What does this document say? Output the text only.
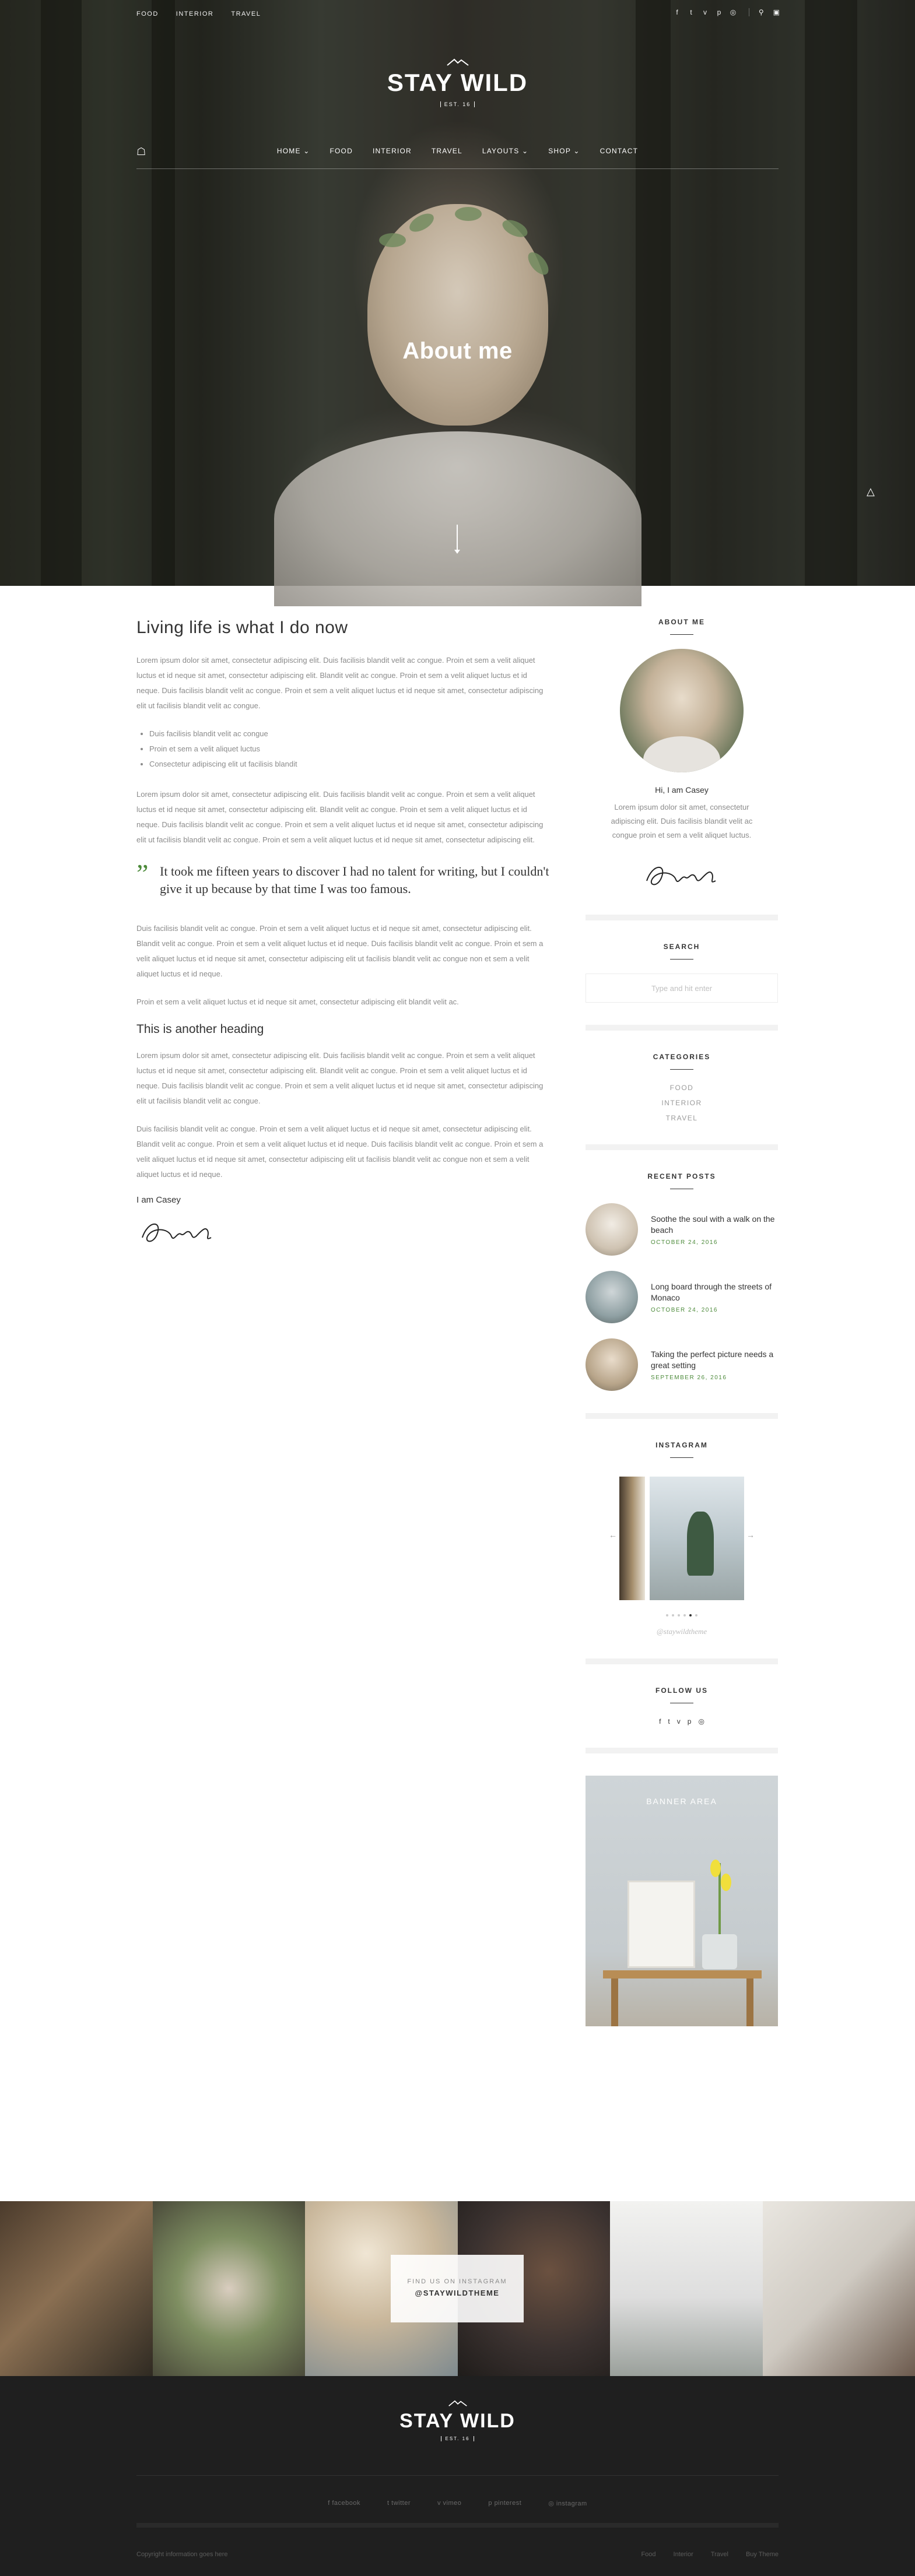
FOOD	INTERIOR	TRAVEL	f	t	v	p	◎	⚲ ▣
STAY WILD
EST. 16
☖	HOME ⌄	FOOD	INTERIOR	TRAVEL	LAYOUTS ⌄	SHOP ⌄	CONTACT
About me
△
Living life is what I do now

Lorem ipsum dolor sit amet, consectetur adipiscing elit. Duis facilisis blandit velit ac congue. Proin et sem a velit aliquet luctus et id neque sit amet, consectetur adipiscing elit. Blandit velit ac congue. Proin et sem a velit aliquet luctus et id neque. Duis facilisis blandit velit ac congue. Proin et sem a velit aliquet luctus et id neque sit amet, consectetur adipiscing elit ut facilisis blandit velit ac congue.

• Duis facilisis blandit velit ac congue
• Proin et sem a velit aliquet luctus
• Consectetur adipiscing elit ut facilisis blandit

Lorem ipsum dolor sit amet, consectetur adipiscing elit. Duis facilisis blandit velit ac congue. Proin et sem a velit aliquet luctus et id neque sit amet, consectetur adipiscing elit. Blandit velit ac congue. Proin et sem a velit aliquet luctus et id neque. Duis facilisis blandit velit ac congue. Proin et sem a velit aliquet luctus et id neque sit amet, consectetur adipiscing elit ut facilisis blandit velit ac congue. Proin et sem a velit aliquet luctus et id neque sit amet, consectetur adipiscing elit.

” It took me fifteen years to discover I had no talent for writing, but I couldn't give it up because by that time I was too famous.

Duis facilisis blandit velit ac congue. Proin et sem a velit aliquet luctus et id neque sit amet, consectetur adipiscing elit. Blandit velit ac congue. Proin et sem a velit aliquet luctus et id neque. Duis facilisis blandit velit ac congue. Proin et sem a velit aliquet luctus et id neque sit amet, consectetur adipiscing elit ut facilisis blandit velit ac congue non et sem a velit aliquet luctus et id neque.

Proin et sem a velit aliquet luctus et id neque sit amet, consectetur adipiscing elit blandit velit ac.

This is another heading

Lorem ipsum dolor sit amet, consectetur adipiscing elit. Duis facilisis blandit velit ac congue. Proin et sem a velit aliquet luctus et id neque sit amet, consectetur adipiscing elit. Blandit velit ac congue. Proin et sem a velit aliquet luctus et id neque. Duis facilisis blandit velit ac congue. Proin et sem a velit aliquet luctus et id neque sit amet, consectetur adipiscing elit ut facilisis blandit velit ac congue.

Duis facilisis blandit velit ac congue. Proin et sem a velit aliquet luctus et id neque sit amet, consectetur adipiscing elit. Blandit velit ac congue. Proin et sem a velit aliquet luctus et id neque. Duis facilisis blandit velit ac congue. Proin et sem a velit aliquet luctus et id neque sit amet, consectetur adipiscing elit ut facilisis blandit velit ac congue non et sem a velit aliquet luctus et id neque.

I am Casey
ABOUT ME
Hi, I am Casey
Lorem ipsum dolor sit amet, consectetur adipiscing elit. Duis facilisis blandit velit ac congue proin et sem a velit aliquet luctus.
SEARCH
Type and hit enter
CATEGORIES
FOOD
INTERIOR
TRAVEL
RECENT POSTS
Soothe the soul with a walk on the beach
OCTOBER 24, 2016
Long board through the streets of Monaco
OCTOBER 24, 2016
Taking the perfect picture needs a great setting
SEPTEMBER 26, 2016
INSTAGRAM
←	→
@staywildtheme
FOLLOW US
f t v p ◎
BANNER AREA
FIND US ON INSTAGRAM
@STAYWILDTHEME
STAY WILD
EST. 16
f facebook	t twitter	v vimeo	p pinterest	◎ instagram
Copyright information goes here	Food	Interior	Travel	Buy Theme
